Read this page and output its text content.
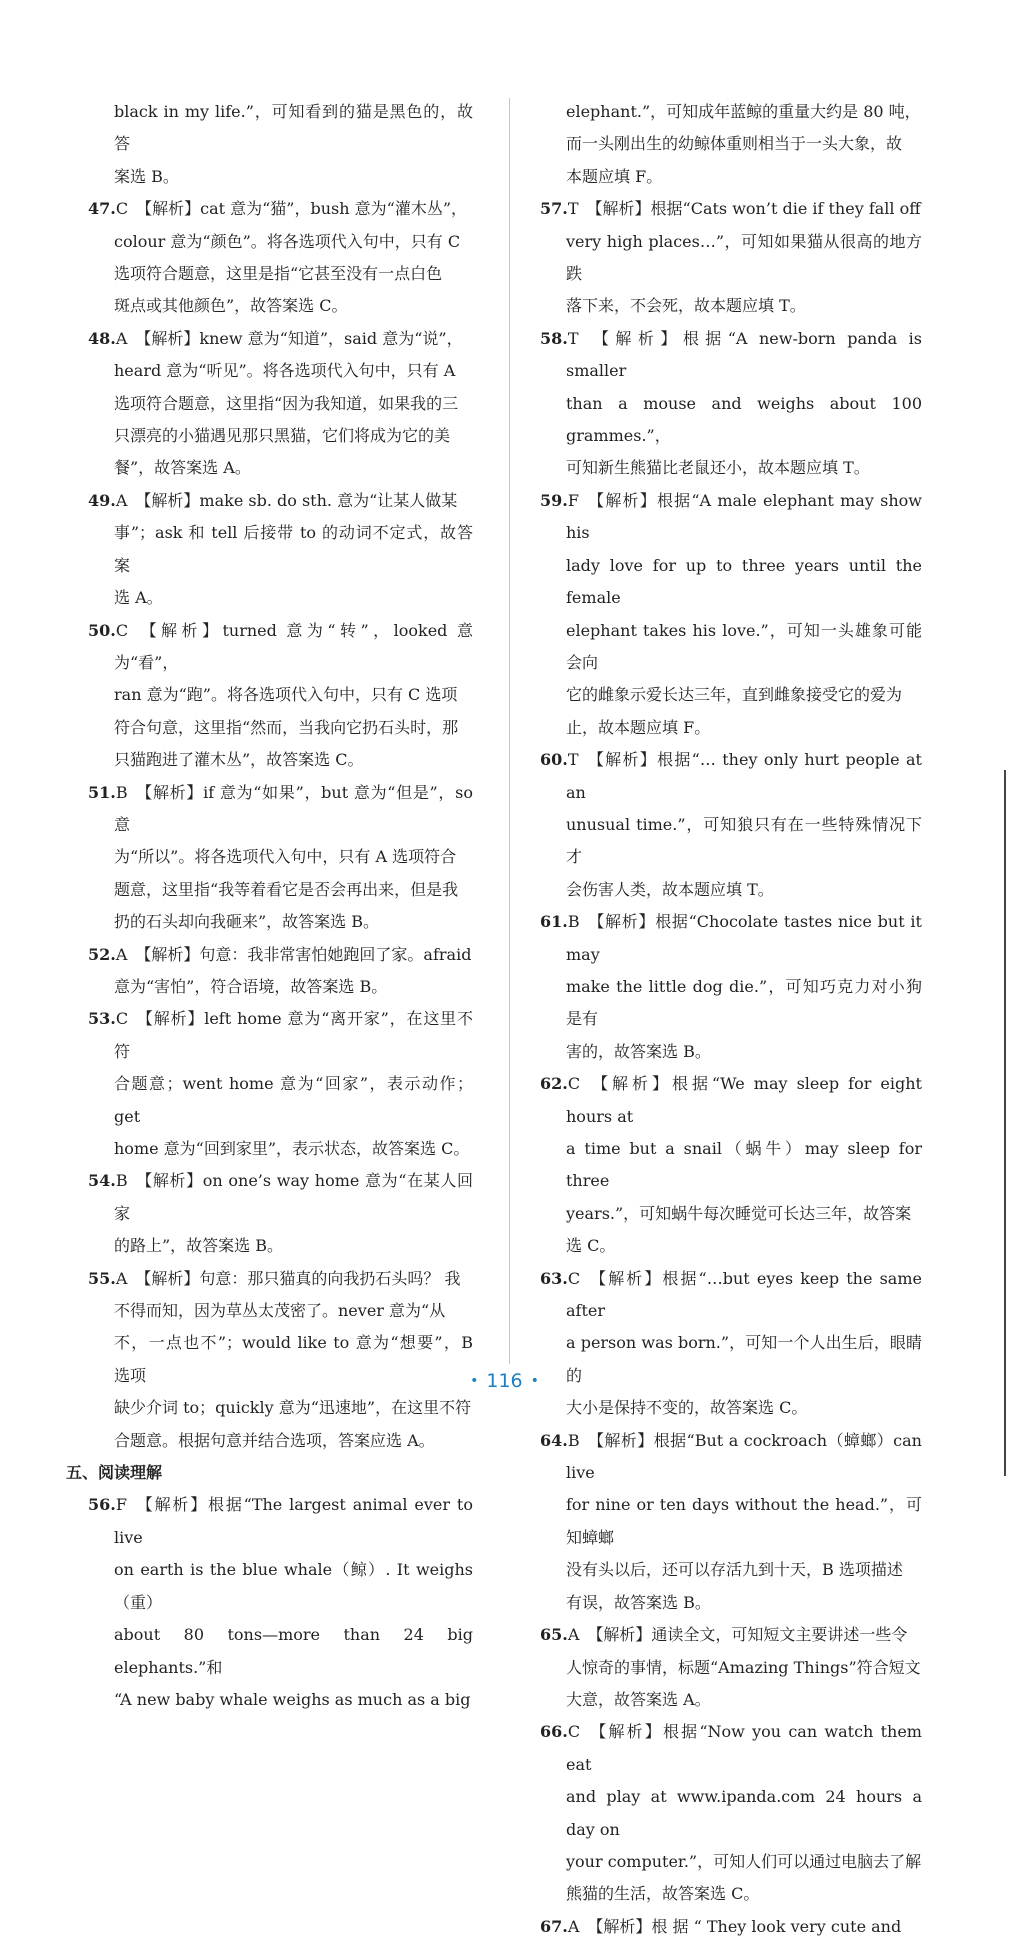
black in my life.”，可知看到的猫是黑色的，故答
案选 B。
47.C  【解析】cat 意为“猫”，bush 意为“灌木丛”，
colour 意为“颜色”。将各选项代入句中，只有 C
选项符合题意，这里是指“它甚至没有一点白色
斑点或其他颜色”，故答案选 C。
48.A  【解析】knew 意为“知道”，said 意为“说”，
heard 意为“听见”。将各选项代入句中，只有 A
选项符合题意，这里指“因为我知道，如果我的三
只漂亮的小猫遇见那只黑猫，它们将成为它的美
餐”，故答案选 A。
49.A  【解析】make sb. do sth. 意为“让某人做某
事”；ask 和 tell 后接带 to 的动词不定式，故答案
选 A。
50.C  【解析】turned 意为“转”，looked 意为“看”，
ran 意为“跑”。将各选项代入句中，只有 C 选项
符合句意，这里指“然而，当我向它扔石头时，那
只猫跑进了灌木丛”，故答案选 C。
51.B  【解析】if 意为“如果”，but 意为“但是”，so 意
为“所以”。将各选项代入句中，只有 A 选项符合
题意，这里指“我等着看它是否会再出来，但是我
扔的石头却向我砸来”，故答案选 B。
52.A  【解析】句意：我非常害怕她跑回了家。afraid
意为“害怕”，符合语境，故答案选 B。
53.C  【解析】left home 意为“离开家”，在这里不符
合题意；went home 意为“回家”，表示动作；get
home 意为“回到家里”，表示状态，故答案选 C。
54.B  【解析】on one’s way home 意为“在某人回家
的路上”，故答案选 B。
55.A  【解析】句意：那只猫真的向我扔石头吗？ 我
不得而知，因为草丛太茂密了。never 意为“从
不，一点也不”；would like to 意为“想要”，B 选项
缺少介词 to；quickly 意为“迅速地”，在这里不符
合题意。根据句意并结合选项，答案应选 A。
五、阅读理解
56.F  【解析】根据“The largest animal ever to live
on earth is the blue whale（鲸）. It weighs（重）
about 80 tons—more than 24 big elephants.”和
“A new baby whale weighs as much as a big
elephant.”，可知成年蓝鲸的重量大约是 80 吨，
而一头刚出生的幼鲸体重则相当于一头大象，故
本题应填 F。
57.T  【解析】根据“Cats won’t die if they fall off
very high places…”，可知如果猫从很高的地方跌
落下来，不会死，故本题应填 T。
58.T  【解析】根据“A new-born panda is smaller
than a mouse and weighs about 100 grammes.”，
可知新生熊猫比老鼠还小，故本题应填 T。
59.F  【解析】根据“A male elephant may show his
lady love for up to three years until the female
elephant takes his love.”，可知一头雄象可能会向
它的雌象示爱长达三年，直到雌象接受它的爱为
止，故本题应填 F。
60.T  【解析】根据“… they only hurt people at an
unusual time.”，可知狼只有在一些特殊情况下才
会伤害人类，故本题应填 T。
61.B  【解析】根据“Chocolate tastes nice but it may
make the little dog die.”，可知巧克力对小狗是有
害的，故答案选 B。
62.C  【解析】根据“We may sleep for eight hours at
a time but a snail（蜗牛）may sleep for three
years.”，可知蜗牛每次睡觉可长达三年，故答案
选 C。
63.C  【解析】根据“…but eyes keep the same after
a person was born.”，可知一个人出生后，眼睛的
大小是保持不变的，故答案选 C。
64.B  【解析】根据“But a cockroach（蟑螂）can live
for nine or ten days without the head.”，可知蟑螂
没有头以后，还可以存活九到十天，B 选项描述
有误，故答案选 B。
65.A  【解析】通读全文，可知短文主要讲述一些令
人惊奇的事情，标题“Amazing Things”符合短文
大意，故答案选 A。
66.C  【解析】根据“Now you can watch them eat
and play at www.ipanda.com 24 hours a day on
your computer.”，可知人们可以通过电脑去了解
熊猫的生活，故答案选 C。
67.A  【解析】根 据 “ They look very cute and
• 116 •
